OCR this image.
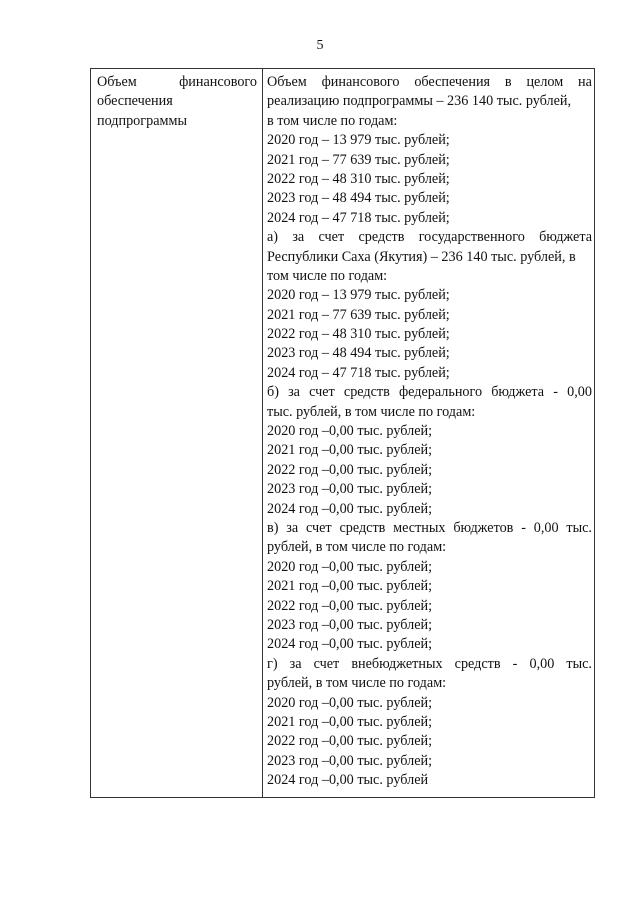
5
Объем	финансового
обеспечения
подпрограммы
Объем финансового обеспечения в целом на
реализацию подпрограммы – 236 140 тыс. рублей,
в том числе по годам:
2020 год – 13 979 тыс. рублей;
2021 год – 77 639 тыс. рублей;
2022 год – 48 310 тыс. рублей;
2023 год – 48 494 тыс. рублей;
2024 год – 47 718 тыс. рублей;
а) за счет средств государственного бюджета
Республики Саха (Якутия) – 236 140 тыс. рублей, в
том числе по годам:
2020 год – 13 979 тыс. рублей;
2021 год – 77 639 тыс. рублей;
2022 год – 48 310 тыс. рублей;
2023 год – 48 494 тыс. рублей;
2024 год – 47 718 тыс. рублей;
б) за счет средств федерального бюджета - 0,00
тыс. рублей, в том числе по годам:
2020 год –0,00 тыс. рублей;
2021 год –0,00 тыс. рублей;
2022 год –0,00 тыс. рублей;
2023 год –0,00 тыс. рублей;
2024 год –0,00 тыс. рублей;
в) за счет средств местных бюджетов - 0,00 тыс.
рублей, в том числе по годам:
2020 год –0,00 тыс. рублей;
2021 год –0,00 тыс. рублей;
2022 год –0,00 тыс. рублей;
2023 год –0,00 тыс. рублей;
2024 год –0,00 тыс. рублей;
г) за счет внебюджетных средств - 0,00 тыс.
рублей, в том числе по годам:
2020 год –0,00 тыс. рублей;
2021 год –0,00 тыс. рублей;
2022 год –0,00 тыс. рублей;
2023 год –0,00 тыс. рублей;
2024 год –0,00 тыс. рублей
